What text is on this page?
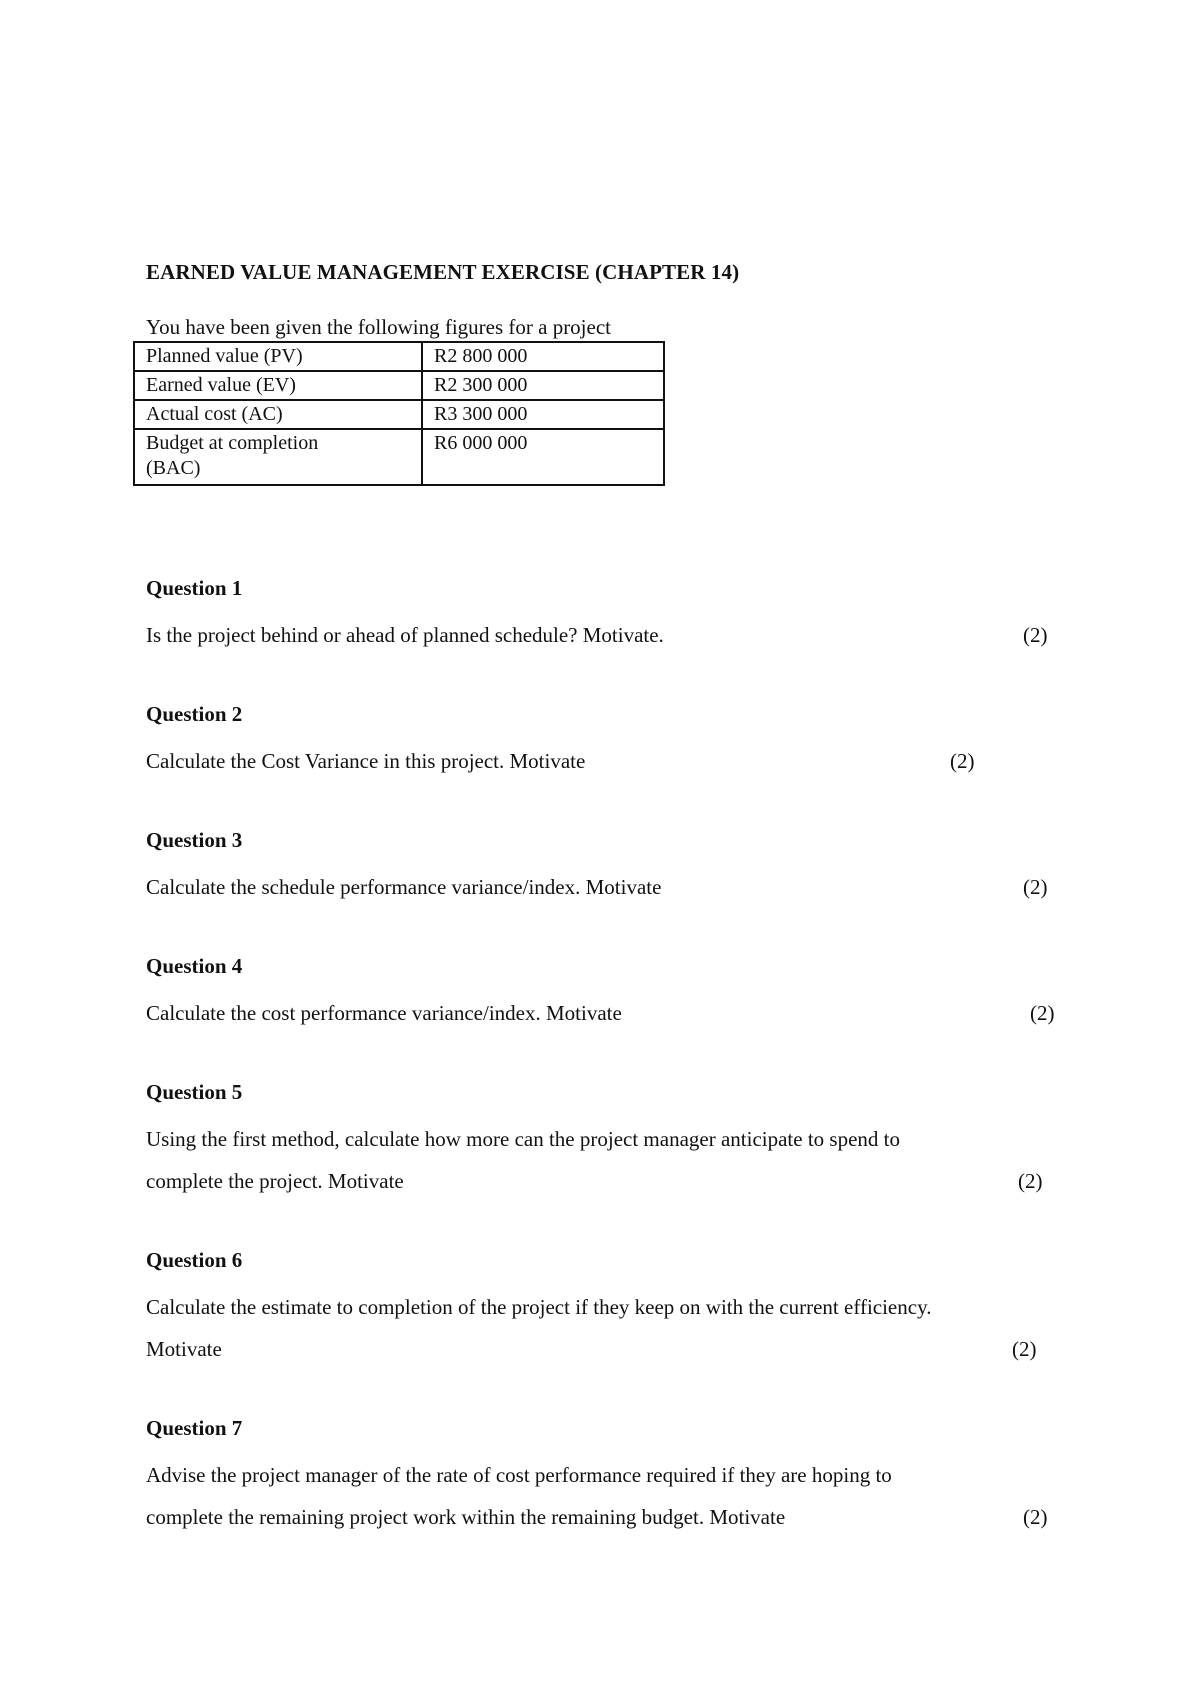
EARNED VALUE MANAGEMENT EXERCISE (CHAPTER 14)
You have been given the following figures for a project
Planned value (PV)	R2 800 000
Earned value (EV)	R2 300 000
Actual cost (AC)	R3 300 000
Budget at completion
(BAC)	R6 000 000
Question 1
Is the project behind or ahead of planned schedule? Motivate.	(2)
Question 2
Calculate the Cost Variance in this project. Motivate	(2)
Question 3
Calculate the schedule performance variance/index. Motivate	(2)
Question 4
Calculate the cost performance variance/index. Motivate	(2)
Question 5
Using the first method, calculate how more can the project manager anticipate to spend to
complete the project. Motivate	(2)
Question 6
Calculate the estimate to completion of the project if they keep on with the current efficiency.
Motivate	(2)
Question 7
Advise the project manager of the rate of cost performance required if they are hoping to
complete the remaining project work within the remaining budget. Motivate	(2)
